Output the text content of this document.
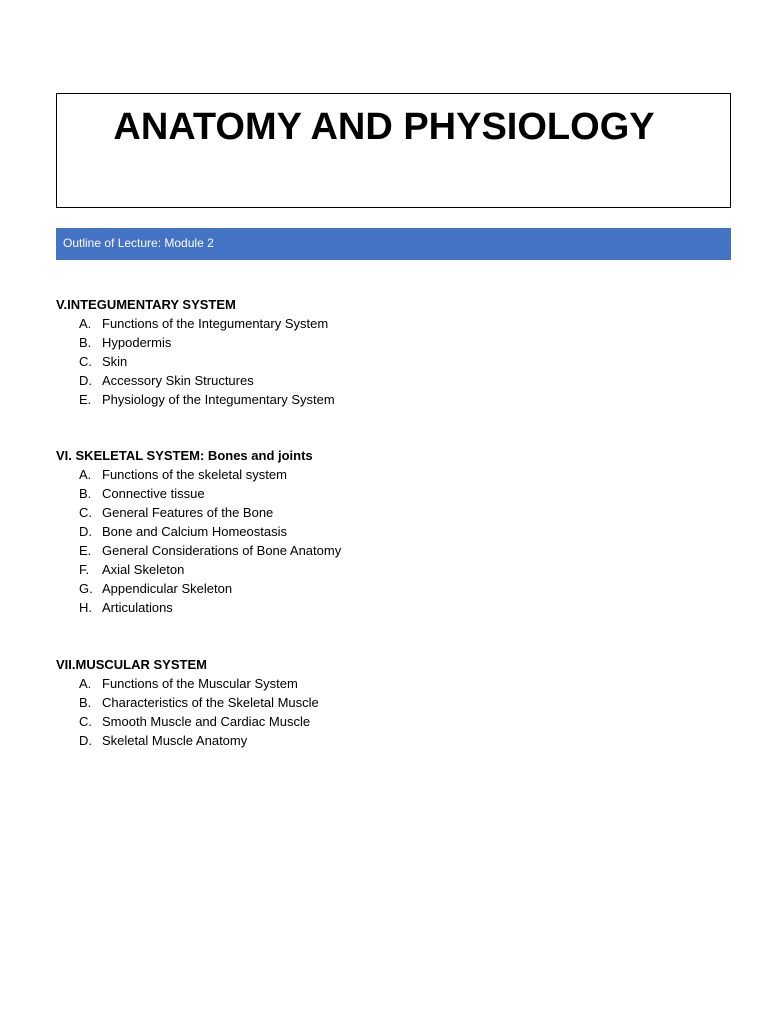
ANATOMY AND PHYSIOLOGY
Outline of Lecture: Module 2
V.INTEGUMENTARY SYSTEM
A. Functions of the Integumentary System
B. Hypodermis
C. Skin
D. Accessory Skin Structures
E. Physiology of the Integumentary System
VI. SKELETAL SYSTEM: Bones and joints
A. Functions of the skeletal system
B. Connective tissue
C. General Features of the Bone
D. Bone and Calcium Homeostasis
E. General Considerations of Bone Anatomy
F. Axial Skeleton
G. Appendicular Skeleton
H. Articulations
VII.MUSCULAR SYSTEM
A. Functions of the Muscular System
B. Characteristics of the Skeletal Muscle
C. Smooth Muscle and Cardiac Muscle
D. Skeletal Muscle Anatomy
